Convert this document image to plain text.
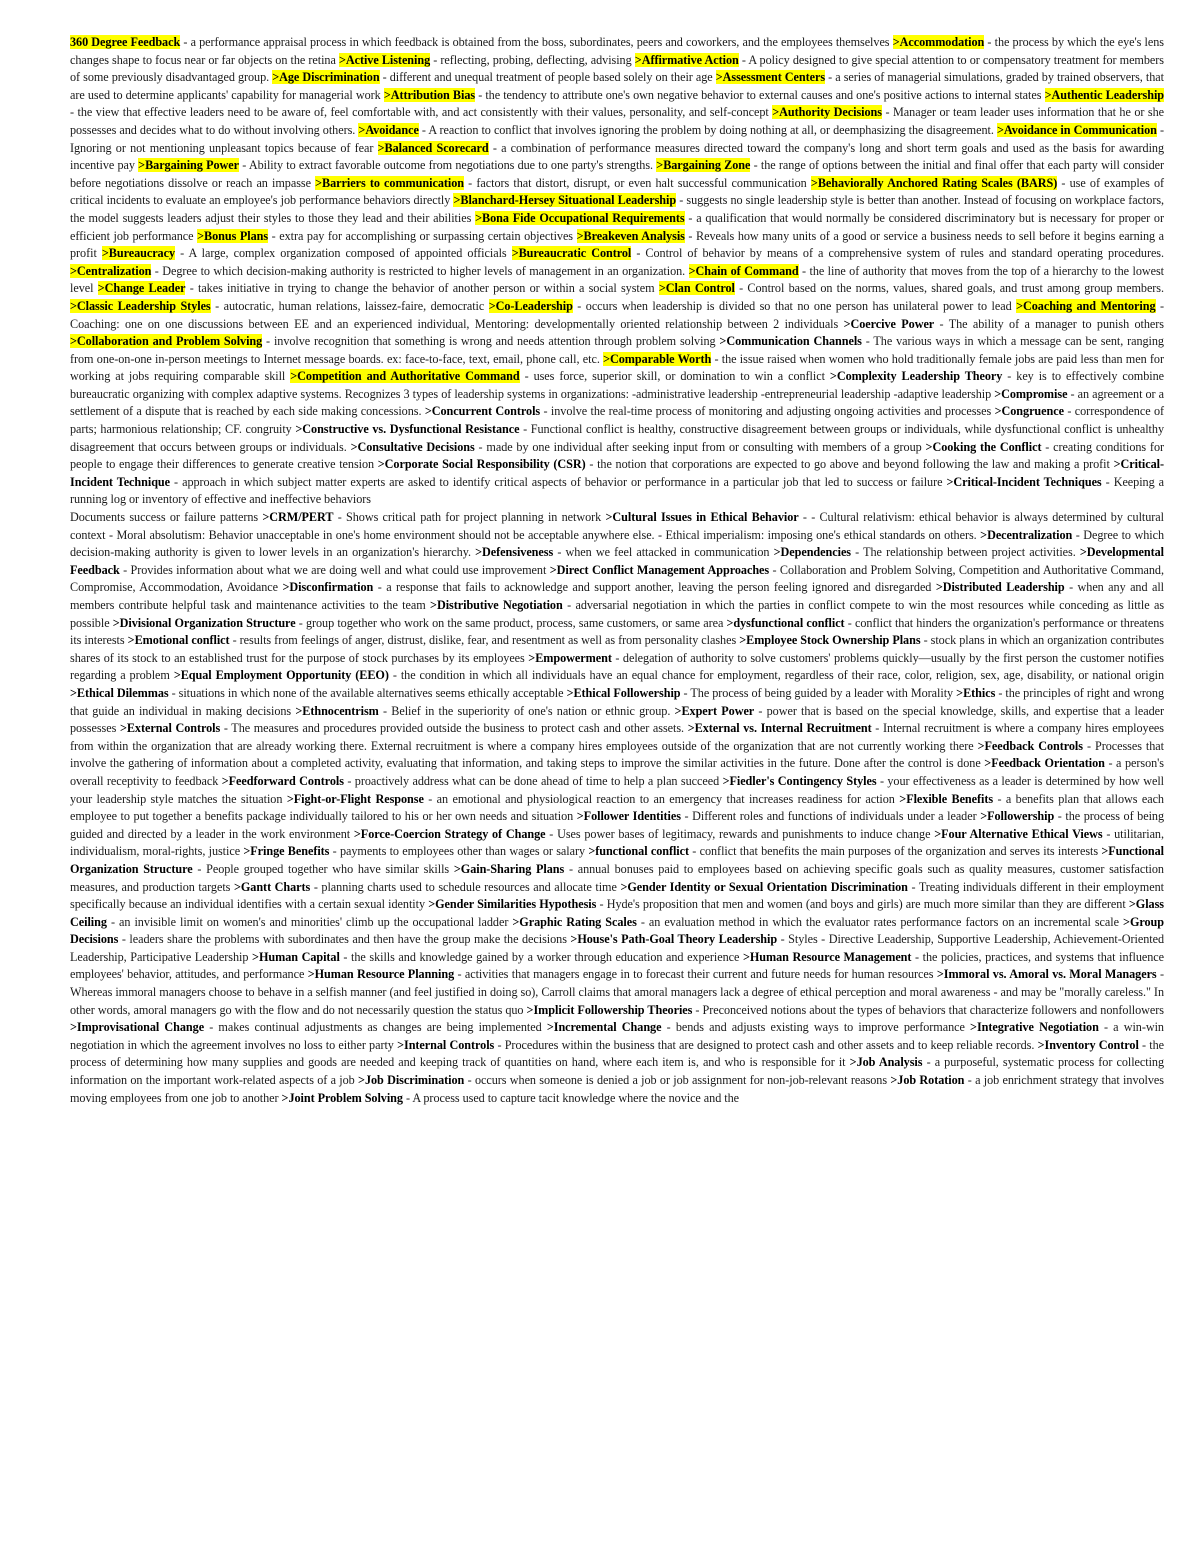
360 Degree Feedback - a performance appraisal process in which feedback is obtained from the boss, subordinates, peers and coworkers, and the employees themselves >Accommodation - the process by which the eye's lens changes shape to focus near or far objects on the retina >Active Listening - reflecting, probing, deflecting, advising >Affirmative Action - A policy designed to give special attention to or compensatory treatment for members of some previously disadvantaged group. >Age Discrimination - different and unequal treatment of people based solely on their age >Assessment Centers - a series of managerial simulations, graded by trained observers, that are used to determine applicants' capability for managerial work >Attribution Bias - the tendency to attribute one's own negative behavior to external causes and one's positive actions to internal states >Authentic Leadership - the view that effective leaders need to be aware of, feel comfortable with, and act consistently with their values, personality, and self-concept >Authority Decisions - Manager or team leader uses information that he or she possesses and decides what to do without involving others. >Avoidance - A reaction to conflict that involves ignoring the problem by doing nothing at all, or deemphasizing the disagreement. >Avoidance in Communication - Ignoring or not mentioning unpleasant topics because of fear >Balanced Scorecard - a combination of performance measures directed toward the company's long and short term goals and used as the basis for awarding incentive pay >Bargaining Power - Ability to extract favorable outcome from negotiations due to one party's strengths. >Bargaining Zone - the range of options between the initial and final offer that each party will consider before negotiations dissolve or reach an impasse >Barriers to communication - factors that distort, disrupt, or even halt successful communication >Behaviorally Anchored Rating Scales (BARS) - use of examples of critical incidents to evaluate an employee's job performance behaviors directly >Blanchard-Hersey Situational Leadership - suggests no single leadership style is better than another. Instead of focusing on workplace factors, the model suggests leaders adjust their styles to those they lead and their abilities >Bona Fide Occupational Requirements - a qualification that would normally be considered discriminatory but is necessary for proper or efficient job performance >Bonus Plans - extra pay for accomplishing or surpassing certain objectives >Breakeven Analysis - Reveals how many units of a good or service a business needs to sell before it begins earning a profit >Bureaucracy - A large, complex organization composed of appointed officials >Bureaucratic Control - Control of behavior by means of a comprehensive system of rules and standard operating procedures. >Centralization - Degree to which decision-making authority is restricted to higher levels of management in an organization. >Chain of Command - the line of authority that moves from the top of a hierarchy to the lowest level >Change Leader - takes initiative in trying to change the behavior of another person or within a social system >Clan Control - Control based on the norms, values, shared goals, and trust among group members. >Classic Leadership Styles - autocratic, human relations, laissez-faire, democratic >Co-Leadership - occurs when leadership is divided so that no one person has unilateral power to lead >Coaching and Mentoring - Coaching: one on one discussions between EE and an experienced individual, Mentoring: developmentally oriented relationship between 2 individuals >Coercive Power - The ability of a manager to punish others >Collaboration and Problem Solving - involve recognition that something is wrong and needs attention through problem solving >Communication Channels - The various ways in which a message can be sent, ranging from one-on-one in-person meetings to Internet message boards. ex: face-to-face, text, email, phone call, etc. >Comparable Worth - the issue raised when women who hold traditionally female jobs are paid less than men for working at jobs requiring comparable skill >Competition and Authoritative Command - uses force, superior skill, or domination to win a conflict >Complexity Leadership Theory - key is to effectively combine bureaucratic organizing with complex adaptive systems. Recognizes 3 types of leadership systems in organizations: -administrative leadership -entrepreneurial leadership -adaptive leadership >Compromise - an agreement or a settlement of a dispute that is reached by each side making concessions. >Concurrent Controls - involve the real-time process of monitoring and adjusting ongoing activities and processes >Congruence - correspondence of parts; harmonious relationship; CF. congruity >Constructive vs. Dysfunctional Resistance - Functional conflict is healthy, constructive disagreement between groups or individuals, while dysfunctional conflict is unhealthy disagreement that occurs between groups or individuals. >Consultative Decisions - made by one individual after seeking input from or consulting with members of a group >Cooking the Conflict - creating conditions for people to engage their differences to generate creative tension >Corporate Social Responsibility (CSR) - the notion that corporations are expected to go above and beyond following the law and making a profit >Critical-Incident Technique - approach in which subject matter experts are asked to identify critical aspects of behavior or performance in a particular job that led to success or failure >Critical-Incident Techniques - Keeping a running log or inventory of effective and ineffective behaviors
Documents success or failure patterns >CRM/PERT - Shows critical path for project planning in network >Cultural Issues in Ethical Behavior - - Cultural relativism: ethical behavior is always determined by cultural context - Moral absolutism: Behavior unacceptable in one's home environment should not be acceptable anywhere else. - Ethical imperialism: imposing one's ethical standards on others. >Decentralization - Degree to which decision-making authority is given to lower levels in an organization's hierarchy. >Defensiveness - when we feel attacked in communication >Dependencies - The relationship between project activities. >Developmental Feedback - Provides information about what we are doing well and what could use improvement >Direct Conflict Management Approaches - Collaboration and Problem Solving, Competition and Authoritative Command, Compromise, Accommodation, Avoidance >Disconfirmation - a response that fails to acknowledge and support another, leaving the person feeling ignored and disregarded >Distributed Leadership - when any and all members contribute helpful task and maintenance activities to the team >Distributive Negotiation - adversarial negotiation in which the parties in conflict compete to win the most resources while conceding as little as possible >Divisional Organization Structure - group together who work on the same product, process, same customers, or same area >dysfunctional conflict - conflict that hinders the organization's performance or threatens its interests >Emotional conflict - results from feelings of anger, distrust, dislike, fear, and resentment as well as from personality clashes >Employee Stock Ownership Plans - stock plans in which an organization contributes shares of its stock to an established trust for the purpose of stock purchases by its employees >Empowerment - delegation of authority to solve customers' problems quickly—usually by the first person the customer notifies regarding a problem >Equal Employment Opportunity (EEO) - the condition in which all individuals have an equal chance for employment, regardless of their race, color, religion, sex, age, disability, or national origin >Ethical Dilemmas - situations in which none of the available alternatives seems ethically acceptable >Ethical Followership - The process of being guided by a leader with Morality >Ethics - the principles of right and wrong that guide an individual in making decisions >Ethnocentrism - Belief in the superiority of one's nation or ethnic group. >Expert Power - power that is based on the special knowledge, skills, and expertise that a leader possesses >External Controls - The measures and procedures provided outside the business to protect cash and other assets. >External vs. Internal Recruitment - Internal recruitment is where a company hires employees from within the organization that are already working there. External recruitment is where a company hires employees outside of the organization that are not currently working there >Feedback Controls - Processes that involve the gathering of information about a completed activity, evaluating that information, and taking steps to improve the similar activities in the future. Done after the control is done >Feedback Orientation - a person's overall receptivity to feedback >Feedforward Controls - proactively address what can be done ahead of time to help a plan succeed >Fiedler's Contingency Styles - your effectiveness as a leader is determined by how well your leadership style matches the situation >Fight-or-Flight Response - an emotional and physiological reaction to an emergency that increases readiness for action >Flexible Benefits - a benefits plan that allows each employee to put together a benefits package individually tailored to his or her own needs and situation >Follower Identities - Different roles and functions of individuals under a leader >Followership - the process of being guided and directed by a leader in the work environment >Force-Coercion Strategy of Change - Uses power bases of legitimacy, rewards and punishments to induce change >Four Alternative Ethical Views - utilitarian, individualism, moral-rights, justice >Fringe Benefits - payments to employees other than wages or salary >functional conflict - conflict that benefits the main purposes of the organization and serves its interests >Functional Organization Structure - People grouped together who have similar skills >Gain-Sharing Plans - annual bonuses paid to employees based on achieving specific goals such as quality measures, customer satisfaction measures, and production targets >Gantt Charts - planning charts used to schedule resources and allocate time >Gender Identity or Sexual Orientation Discrimination - Treating individuals different in their employment specifically because an individual identifies with a certain sexual identity >Gender Similarities Hypothesis - Hyde's proposition that men and women (and boys and girls) are much more similar than they are different >Glass Ceiling - an invisible limit on women's and minorities' climb up the occupational ladder >Graphic Rating Scales - an evaluation method in which the evaluator rates performance factors on an incremental scale >Group Decisions - leaders share the problems with subordinates and then have the group make the decisions >House's Path-Goal Theory Leadership - Styles - Directive Leadership, Supportive Leadership, Achievement-Oriented Leadership, Participative Leadership >Human Capital - the skills and knowledge gained by a worker through education and experience >Human Resource Management - the policies, practices, and systems that influence employees' behavior, attitudes, and performance >Human Resource Planning - activities that managers engage in to forecast their current and future needs for human resources >Immoral vs. Amoral vs. Moral Managers - Whereas immoral managers choose to behave in a selfish manner (and feel justified in doing so), Carroll claims that amoral managers lack a degree of ethical perception and moral awareness - and may be "morally careless." In other words, amoral managers go with the flow and do not necessarily question the status quo >Implicit Followership Theories - Preconceived notions about the types of behaviors that characterize followers and nonfollowers >Improvisational Change - makes continual adjustments as changes are being implemented >Incremental Change - bends and adjusts existing ways to improve performance >Integrative Negotiation - a win-win negotiation in which the agreement involves no loss to either party >Internal Controls - Procedures within the business that are designed to protect cash and other assets and to keep reliable records. >Inventory Control - the process of determining how many supplies and goods are needed and keeping track of quantities on hand, where each item is, and who is responsible for it >Job Analysis - a purposeful, systematic process for collecting information on the important work-related aspects of a job >Job Discrimination - occurs when someone is denied a job or job assignment for non-job-relevant reasons >Job Rotation - a job enrichment strategy that involves moving employees from one job to another >Joint Problem Solving - A process used to capture tacit knowledge where the novice and the
